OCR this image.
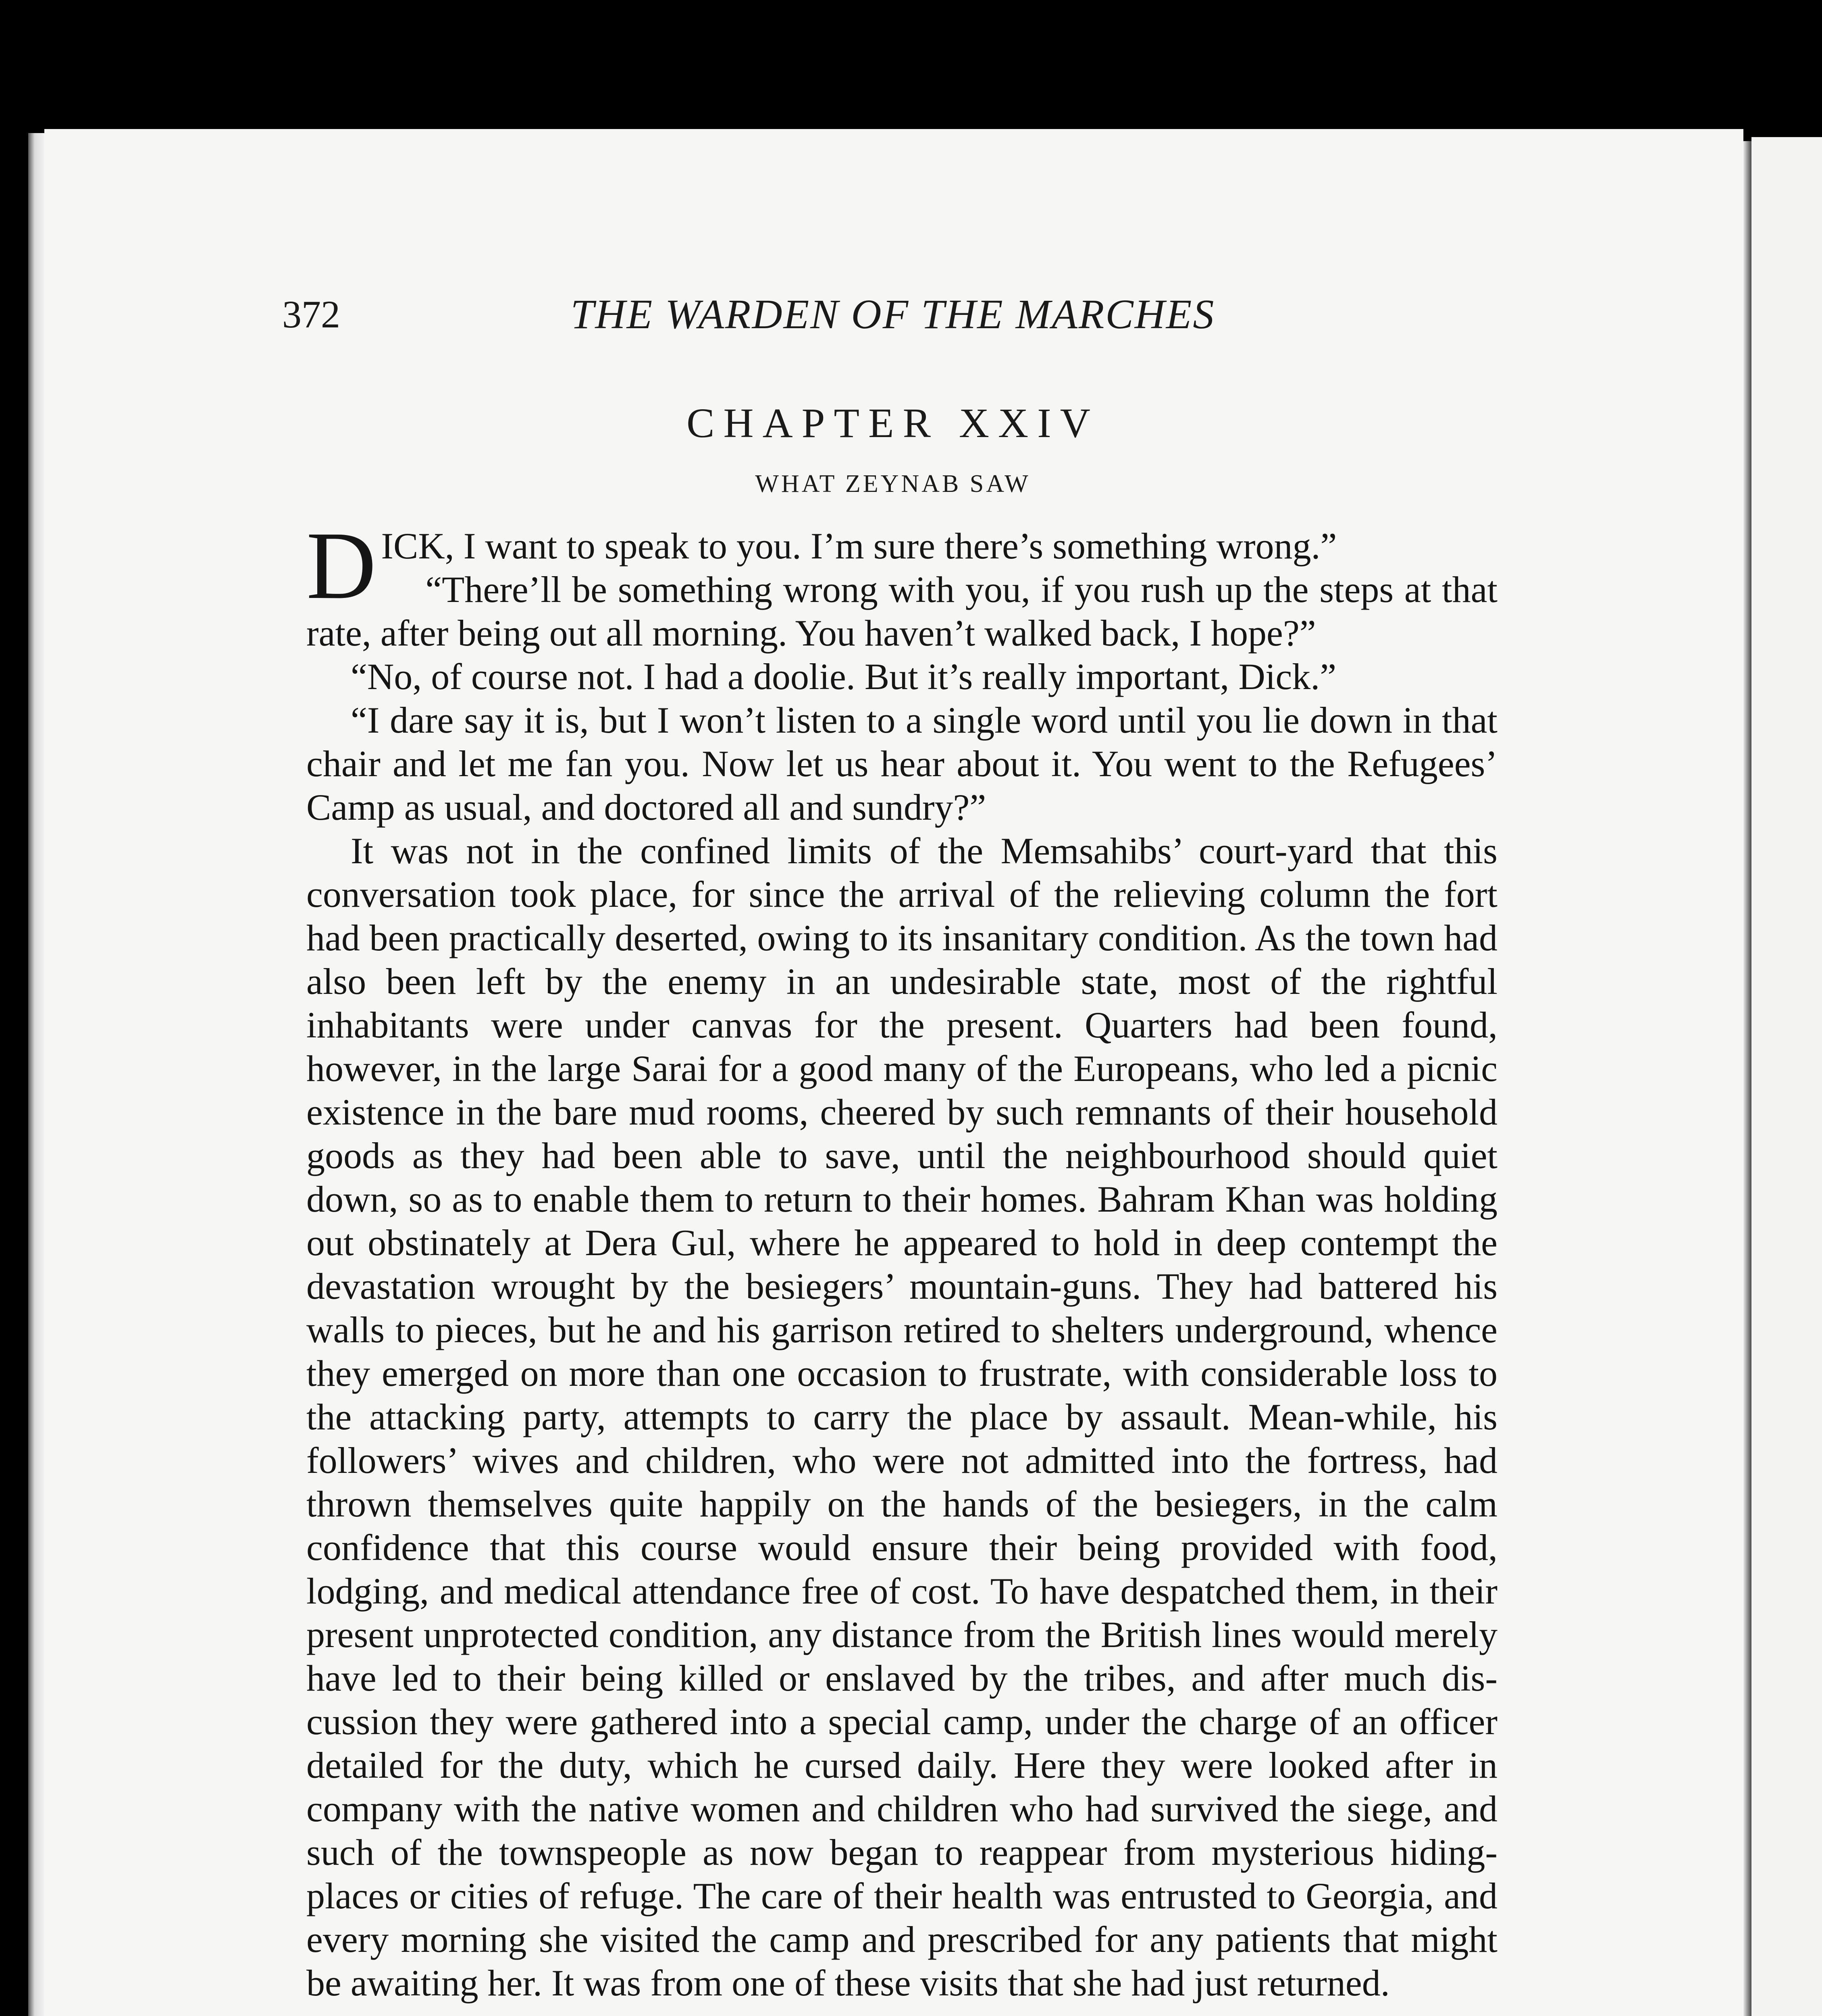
372	THE WARDEN OF THE MARCHES
CHAPTER XXIV
WHAT ZEYNAB SAW

DICK, I want to speak to you. I’m sure there’s something wrong.”

“There’ll be something wrong with you, if you rush up the steps at that rate, after being out all morning. You haven’t walked back, I hope?”

“No, of course not. I had a doolie. But it’s really important, Dick.”

“I dare say it is, but I won’t listen to a single word until you lie down in that chair and let me fan you. Now let us hear about it. You went to the Refugees’ Camp as usual, and doctored all and sundry?”

It was not in the confined limits of the Memsahibs’ court-yard that this conversation took place, for since the arrival of the relieving column the fort had been practically deserted, owing to its insanitary condition. As the town had also been left by the enemy in an undesirable state, most of the rightful inhabitants were under canvas for the present. Quarters had been found, however, in the large Sarai for a good many of the Europeans, who led a picnic existence in the bare mud rooms, cheered by such remnants of their household goods as they had been able to save, until the neighbourhood should quiet down, so as to enable them to return to their homes. Bahram Khan was holding out obstinately at Dera Gul, where he appeared to hold in deep contempt the devastation wrought by the besiegers’ mountain-guns. They had battered his walls to pieces, but he and his garrison retired to shelters underground, whence they emerged on more than one occasion to frustrate, with considerable loss to the attacking party, attempts to carry the place by assault. Mean-while, his followers’ wives and children, who were not admitted into the fortress, had thrown themselves quite happily on the hands of the besiegers, in the calm confidence that this course would ensure their being provided with food, lodging, and medical attendance free of cost. To have despatched them, in their present unprotected condition, any distance from the British lines would merely have led to their being killed or enslaved by the tribes, and after much dis-cussion they were gathered into a special camp, under the charge of an officer detailed for the duty, which he cursed daily. Here they were looked after in company with the native women and children who had survived the siege, and such of the townspeople as now began to reappear from mysterious hiding-places or cities of refuge. The care of their health was entrusted to Georgia, and every morning she visited the camp and prescribed for any patients that might be awaiting her. It was from one of these visits that she had just returned.
